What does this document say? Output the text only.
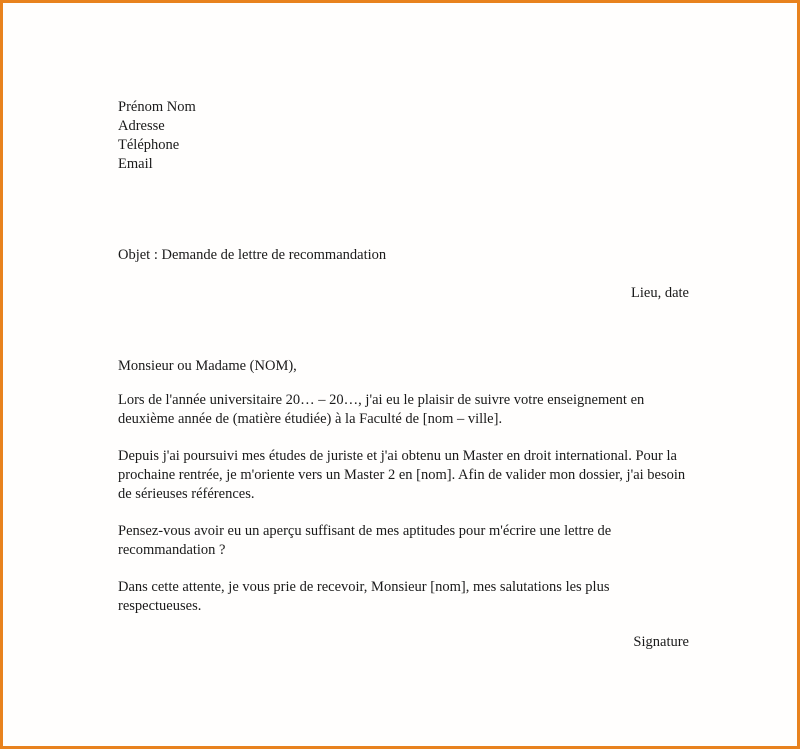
Prénom Nom
Adresse
Téléphone
Email
Objet : Demande de lettre de recommandation
Lieu, date
Monsieur ou Madame (NOM),

Lors de l'année universitaire 20… – 20…, j'ai eu le plaisir de suivre votre enseignement en deuxième année de (matière étudiée) à la Faculté de [nom – ville].

Depuis j'ai poursuivi mes études de juriste et j'ai obtenu un Master en droit international. Pour la prochaine rentrée, je m'oriente vers un Master 2 en [nom]. Afin de valider mon dossier, j'ai besoin de sérieuses références.

Pensez-vous avoir eu un aperçu suffisant de mes aptitudes pour m'écrire une lettre de recommandation ?

Dans cette attente, je vous prie de recevoir, Monsieur [nom], mes salutations les plus respectueuses.

Signature
